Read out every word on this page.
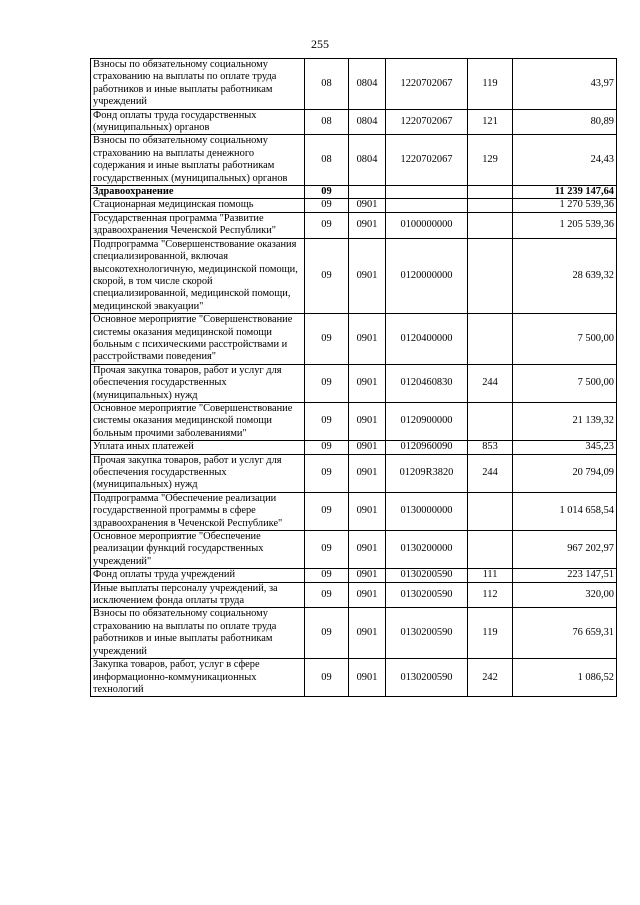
255
Взносы по обязательному социальному страхованию на выплаты по оплате труда работников и иные выплаты работникам учреждений	08	0804	1220702067	119	43,97
Фонд оплаты труда государственных (муниципальных) органов	08	0804	1220702067	121	80,89
Взносы по обязательному социальному страхованию на выплаты денежного содержания и иные выплаты работникам государственных (муниципальных) органов	08	0804	1220702067	129	24,43
Здравоохранение	09				11 239 147,64
Стационарная медицинская помощь	09	0901			1 270 539,36
Государственная программа "Развитие здравоохранения Чеченской Республики"	09	0901	0100000000		1 205 539,36
Подпрограмма "Совершенствование оказания специализированной, включая высокотехнологичную, медицинской помощи, скорой, в том числе скорой специализированной, медицинской помощи, медицинской эвакуации"	09	0901	0120000000		28 639,32
Основное мероприятие "Совершенствование системы оказания медицинской помощи больным с психическими расстройствами и расстройствами поведения"	09	0901	0120400000		7 500,00
Прочая закупка товаров, работ и услуг для обеспечения государственных (муниципальных) нужд	09	0901	0120460830	244	7 500,00
Основное мероприятие "Совершенствование системы оказания медицинской помощи больным прочими заболеваниями"	09	0901	0120900000		21 139,32
Уплата иных платежей	09	0901	0120960090	853	345,23
Прочая закупка товаров, работ и услуг для обеспечения государственных (муниципальных) нужд	09	0901	01209R3820	244	20 794,09
Подпрограмма "Обеспечение реализации государственной программы в сфере здравоохранения в Чеченской Республике"	09	0901	0130000000		1 014 658,54
Основное мероприятие "Обеспечение реализации функций государственных учреждений"	09	0901	0130200000		967 202,97
Фонд оплаты труда учреждений	09	0901	0130200590	111	223 147,51
Иные выплаты персоналу учреждений, за исключением фонда оплаты труда	09	0901	0130200590	112	320,00
Взносы по обязательному социальному страхованию на выплаты по оплате труда работников и иные выплаты работникам учреждений	09	0901	0130200590	119	76 659,31
Закупка товаров, работ, услуг в сфере информационно-коммуникационных технологий	09	0901	0130200590	242	1 086,52
